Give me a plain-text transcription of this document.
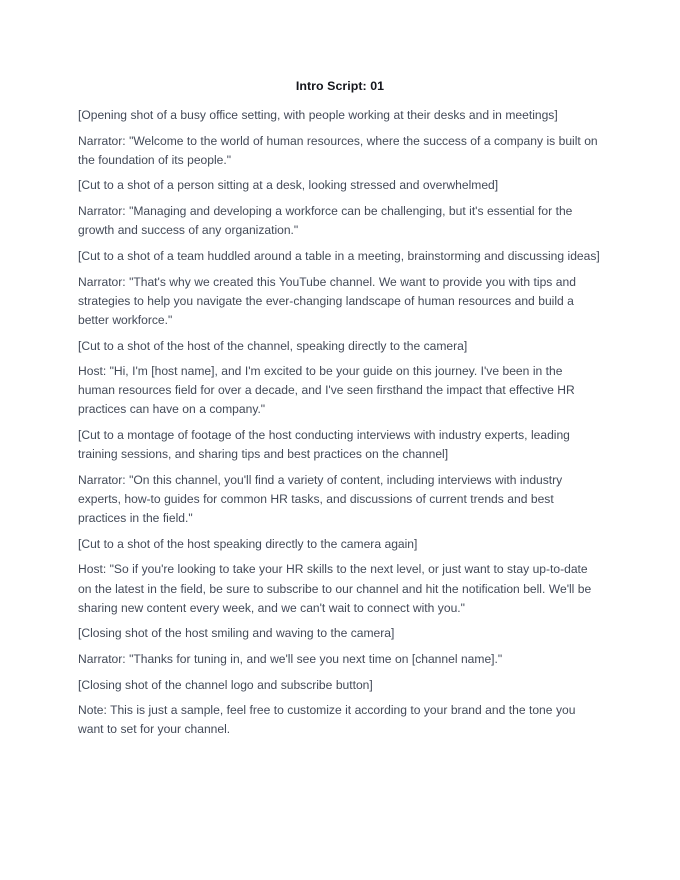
Intro Script: 01

[Opening shot of a busy office setting, with people working at their desks and in meetings]

Narrator: "Welcome to the world of human resources, where the success of a company is built on the foundation of its people."

[Cut to a shot of a person sitting at a desk, looking stressed and overwhelmed]

Narrator: "Managing and developing a workforce can be challenging, but it's essential for the growth and success of any organization."

[Cut to a shot of a team huddled around a table in a meeting, brainstorming and discussing ideas]

Narrator: "That's why we created this YouTube channel. We want to provide you with tips and strategies to help you navigate the ever-changing landscape of human resources and build a better workforce."

[Cut to a shot of the host of the channel, speaking directly to the camera]

Host: "Hi, I'm [host name], and I'm excited to be your guide on this journey. I've been in the human resources field for over a decade, and I've seen firsthand the impact that effective HR practices can have on a company."

[Cut to a montage of footage of the host conducting interviews with industry experts, leading training sessions, and sharing tips and best practices on the channel]

Narrator: "On this channel, you'll find a variety of content, including interviews with industry experts, how-to guides for common HR tasks, and discussions of current trends and best practices in the field."

[Cut to a shot of the host speaking directly to the camera again]

Host: "So if you're looking to take your HR skills to the next level, or just want to stay up-to-date on the latest in the field, be sure to subscribe to our channel and hit the notification bell. We'll be sharing new content every week, and we can't wait to connect with you."

[Closing shot of the host smiling and waving to the camera]

Narrator: "Thanks for tuning in, and we'll see you next time on [channel name]."

[Closing shot of the channel logo and subscribe button]

Note: This is just a sample, feel free to customize it according to your brand and the tone you want to set for your channel.
